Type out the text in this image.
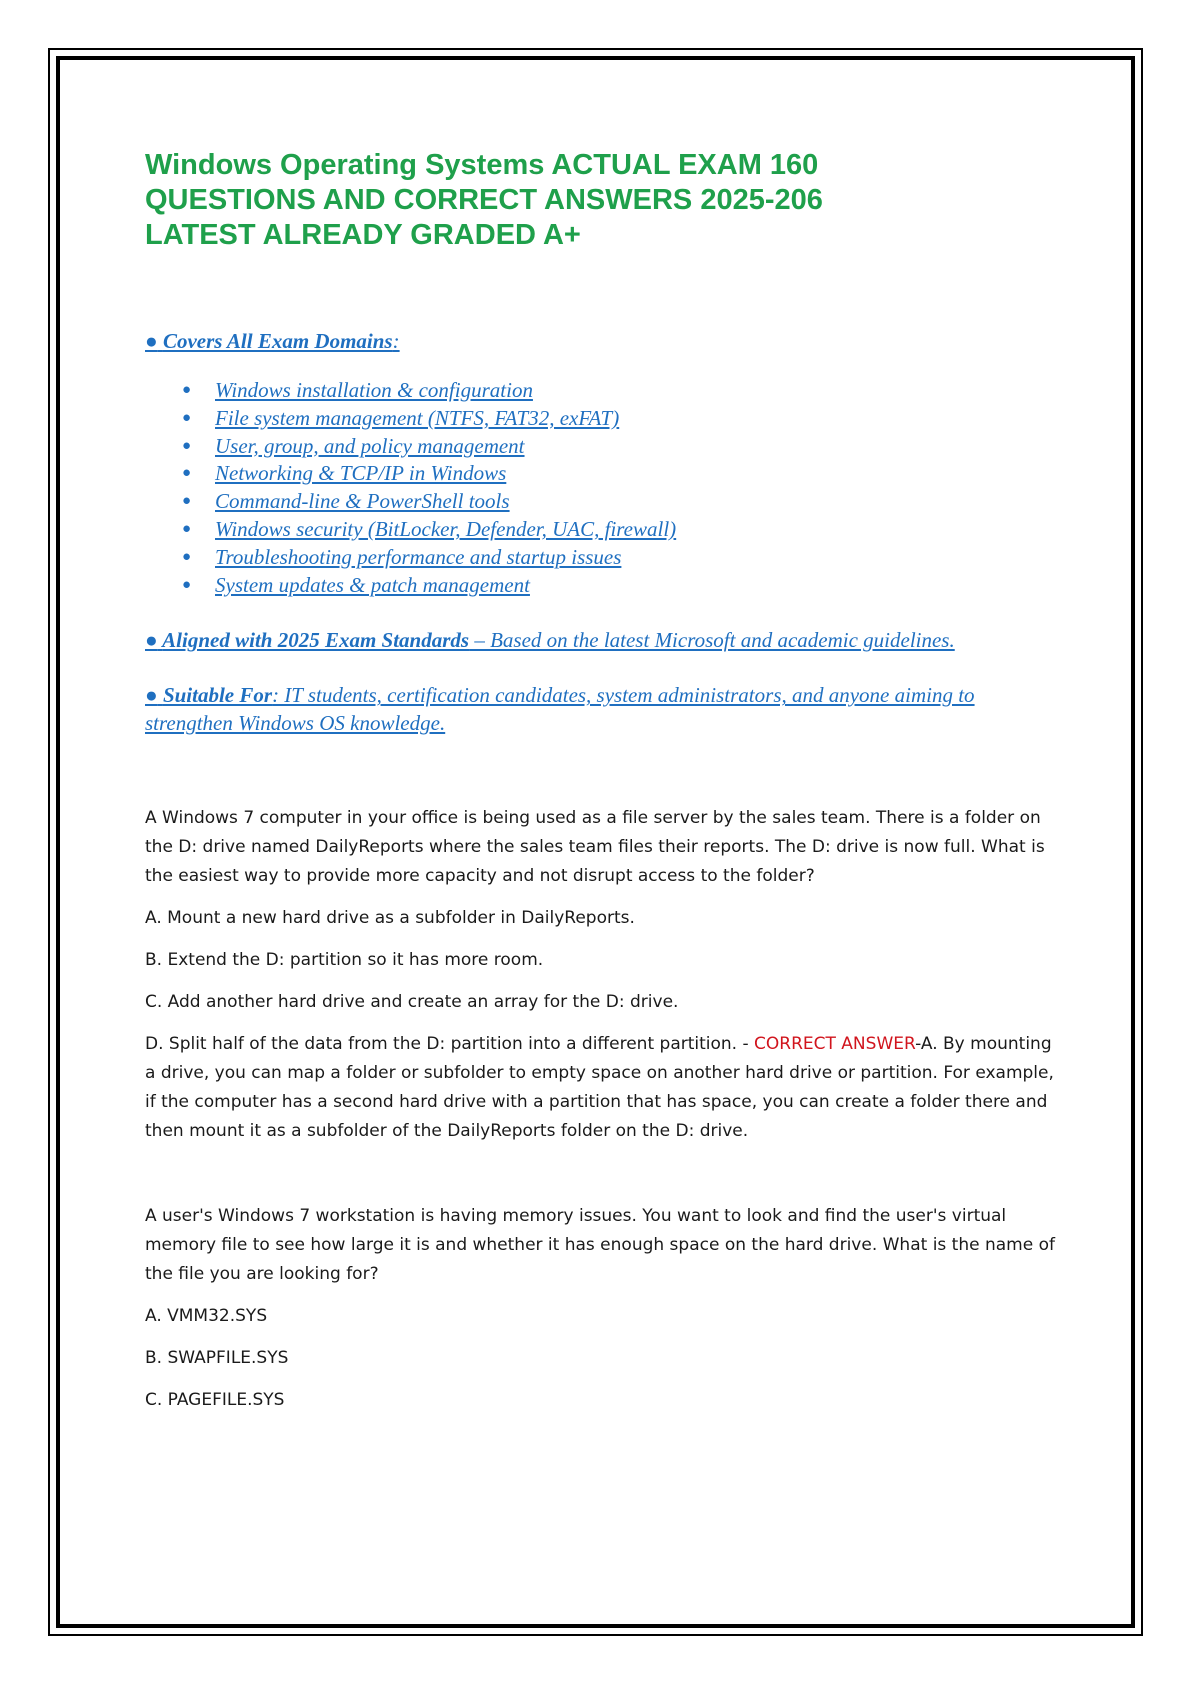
Windows Operating Systems ACTUAL EXAM 160
QUESTIONS AND CORRECT ANSWERS 2025-206
LATEST ALREADY GRADED A+
● Covers All Exam Domains:
● Windows installation & configuration
● File system management (NTFS, FAT32, exFAT)
● User, group, and policy management
● Networking & TCP/IP in Windows
● Command-line & PowerShell tools
● Windows security (BitLocker, Defender, UAC, firewall)
● Troubleshooting performance and startup issues
● System updates & patch management
● Aligned with 2025 Exam Standards – Based on the latest Microsoft and academic guidelines.
● Suitable For: IT students, certification candidates, system administrators, and anyone aiming to strengthen Windows OS knowledge.
A Windows 7 computer in your office is being used as a file server by the sales team. There is a folder on the D: drive named DailyReports where the sales team files their reports. The D: drive is now full. What is the easiest way to provide more capacity and not disrupt access to the folder?
A. Mount a new hard drive as a subfolder in DailyReports.
B. Extend the D: partition so it has more room.
C. Add another hard drive and create an array for the D: drive.
D. Split half of the data from the D: partition into a different partition. - CORRECT ANSWER-A. By mounting a drive, you can map a folder or subfolder to empty space on another hard drive or partition. For example, if the computer has a second hard drive with a partition that has space, you can create a folder there and then mount it as a subfolder of the DailyReports folder on the D: drive.
A user's Windows 7 workstation is having memory issues. You want to look and find the user's virtual memory file to see how large it is and whether it has enough space on the hard drive. What is the name of the file you are looking for?
A. VMM32.SYS
B. SWAPFILE.SYS
C. PAGEFILE.SYS
